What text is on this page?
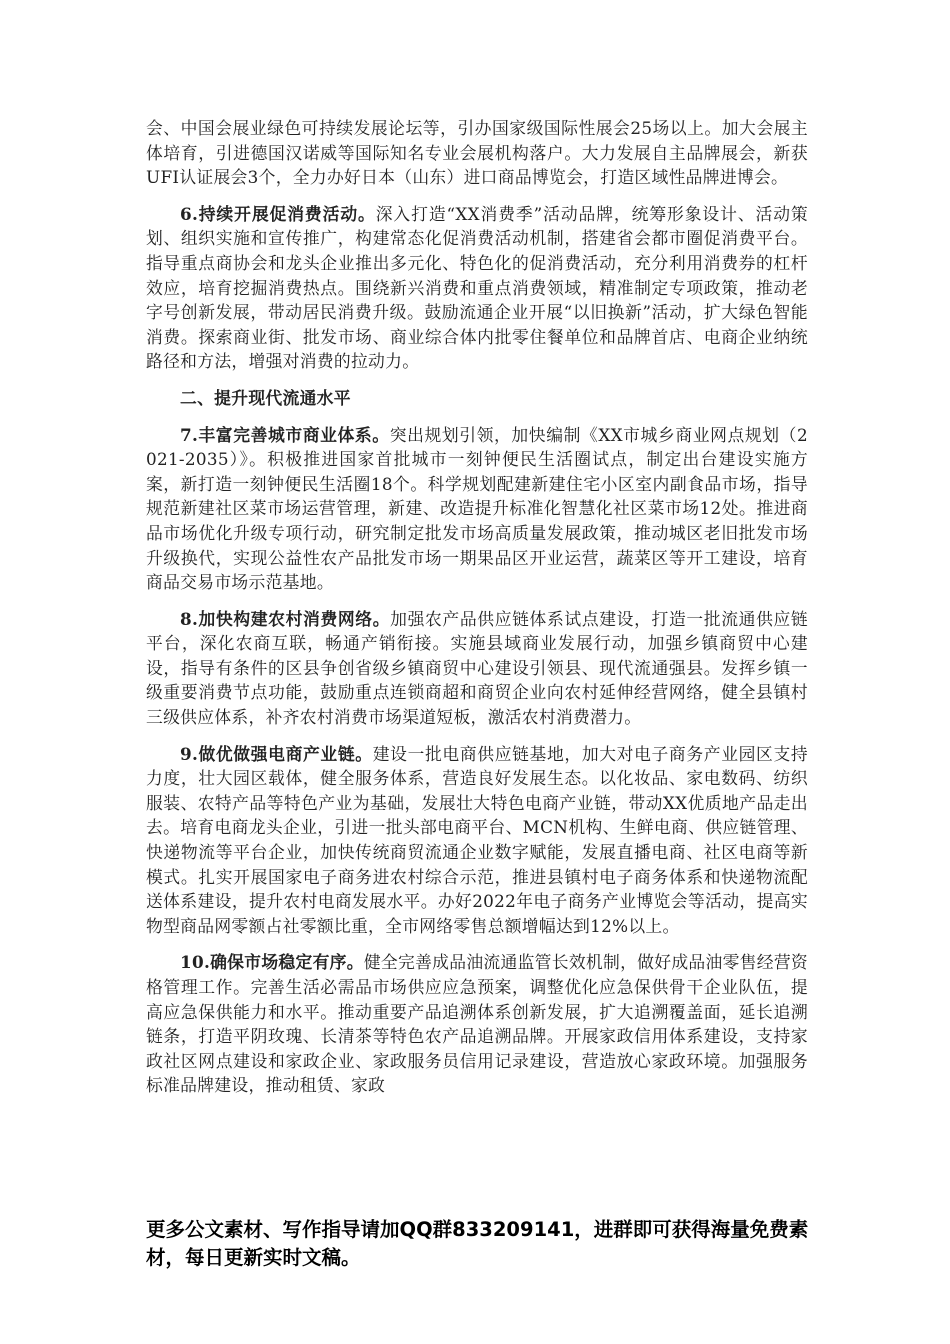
会、中国会展业绿色可持续发展论坛等，引办国家级国际性展会25场以上。加大会展主体培育，引进德国汉诺威等国际知名专业会展机构落户。大力发展自主品牌展会，新获UFI认证展会3个，全力办好日本（山东）进口商品博览会，打造区域性品牌进博会。

6.持续开展促消费活动。深入打造“XX消费季”活动品牌，统筹形象设计、活动策划、组织实施和宣传推广，构建常态化促消费活动机制，搭建省会都市圈促消费平台。指导重点商协会和龙头企业推出多元化、特色化的促消费活动，充分利用消费券的杠杆效应，培育挖掘消费热点。围绕新兴消费和重点消费领域，精准制定专项政策，推动老字号创新发展，带动居民消费升级。鼓励流通企业开展“以旧换新”活动，扩大绿色智能消费。探索商业街、批发市场、商业综合体内批零住餐单位和品牌首店、电商企业纳统路径和方法，增强对消费的拉动力。

二、提升现代流通水平

7.丰富完善城市商业体系。突出规划引领，加快编制《XX市城乡商业网点规划（2021-2035）》。积极推进国家首批城市一刻钟便民生活圈试点，制定出台建设实施方案，新打造一刻钟便民生活圈18个。科学规划配建新建住宅小区室内副食品市场，指导规范新建社区菜市场运营管理，新建、改造提升标准化智慧化社区菜市场12处。推进商品市场优化升级专项行动，研究制定批发市场高质量发展政策，推动城区老旧批发市场升级换代，实现公益性农产品批发市场一期果品区开业运营，蔬菜区等开工建设，培育商品交易市场示范基地。

8.加快构建农村消费网络。加强农产品供应链体系试点建设，打造一批流通供应链平台，深化农商互联，畅通产销衔接。实施县域商业发展行动，加强乡镇商贸中心建设，指导有条件的区县争创省级乡镇商贸中心建设引领县、现代流通强县。发挥乡镇一级重要消费节点功能，鼓励重点连锁商超和商贸企业向农村延伸经营网络，健全县镇村三级供应体系，补齐农村消费市场渠道短板，激活农村消费潜力。

9.做优做强电商产业链。建设一批电商供应链基地，加大对电子商务产业园区支持力度，壮大园区载体，健全服务体系，营造良好发展生态。以化妆品、家电数码、纺织服装、农特产品等特色产业为基础，发展壮大特色电商产业链，带动XX优质地产品走出去。培育电商龙头企业，引进一批头部电商平台、MCN机构、生鲜电商、供应链管理、快递物流等平台企业，加快传统商贸流通企业数字赋能，发展直播电商、社区电商等新模式。扎实开展国家电子商务进农村综合示范，推进县镇村电子商务体系和快递物流配送体系建设，提升农村电商发展水平。办好2022年电子商务产业博览会等活动，提高实物型商品网零额占社零额比重，全市网络零售总额增幅达到12%以上。

10.确保市场稳定有序。健全完善成品油流通监管长效机制，做好成品油零售经营资格管理工作。完善生活必需品市场供应应急预案，调整优化应急保供骨干企业队伍，提高应急保供能力和水平。推动重要产品追溯体系创新发展，扩大追溯覆盖面，延长追溯链条，打造平阴玫瑰、长清茶等特色农产品追溯品牌。开展家政信用体系建设，支持家政社区网点建设和家政企业、家政服务员信用记录建设，营造放心家政环境。加强服务标准品牌建设，推动租赁、家政

更多公文素材、写作指导请加QQ群833209141，进群即可获得海量免费素材，每日更新实时文稿。
